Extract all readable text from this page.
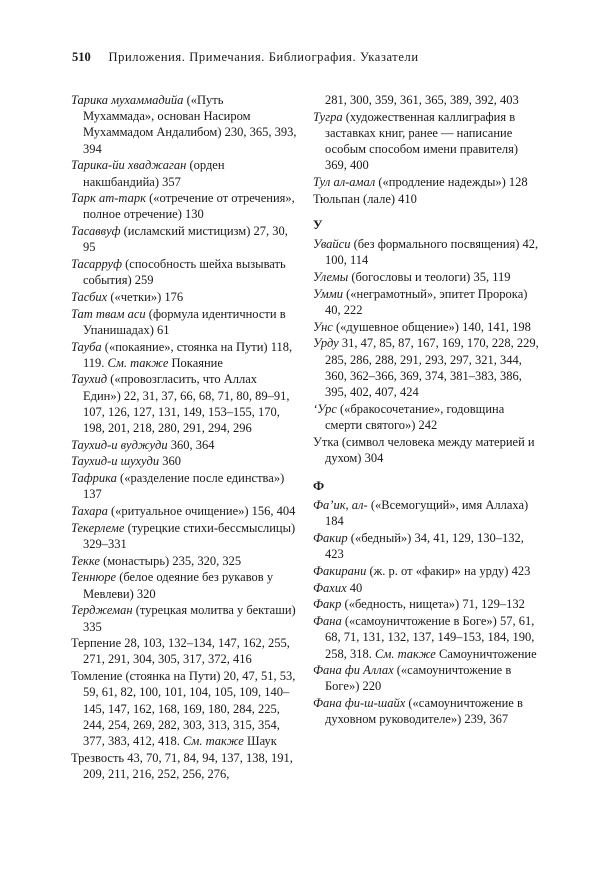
510 Приложения. Примечания. Библиография. Указатели

Тарика мухаммадийа («Путь Мухаммада», основан Насиром Мухаммадом Андалибом) 230, 365, 393, 394

Тарика-йи хваджаган (орден накшбандийа) 357

Тарк ат-тарк («отречение от отречения», полное отречение) 130

Тасаввуф (исламский мистицизм) 27, 30, 95

Тасарруф (способность шейха вызывать события) 259

Тасбих («четки») 176

Тат твам аси (формула идентичности в Упанишадах) 61

Тауба («покаяние», стоянка на Пути) 118, 119. См. также Покаяние

Таухид («провозгласить, что Аллах Един») 22, 31, 37, 66, 68, 71, 80, 89–91, 107, 126, 127, 131, 149, 153–155, 170, 198, 201, 218, 280, 291, 294, 296

Таухид-и вуджуди 360, 364

Таухид-и шухуди 360

Тафрика («разделение после единства») 137

Тахара («ритуальное очищение») 156, 404

Текерлеме (турецкие стихи-бессмыслицы) 329–331

Текке (монастырь) 235, 320, 325

Теннюре (белое одеяние без рукавов у Мевлеви) 320

Терджеман (турецкая молитва у бекташи) 335

Терпение 28, 103, 132–134, 147, 162, 255, 271, 291, 304, 305, 317, 372, 416

Томление (стоянка на Пути) 20, 47, 51, 53, 59, 61, 82, 100, 101, 104, 105, 109, 140–145, 147, 162, 168, 169, 180, 284, 225, 244, 254, 269, 282, 303, 313, 315, 354, 377, 383, 412, 418. См. также Шаук

Трезвость 43, 70, 71, 84, 94, 137, 138, 191, 209, 211, 216, 252, 256, 276,

281, 300, 359, 361, 365, 389, 392, 403

Тугра (художественная каллиграфия в заставках книг, ранее — написание особым способом имени правителя) 369, 400

Тул ал-амал («продление надежды») 128

Тюльпан (лале) 410

У

Увайси (без формального посвящения) 42, 100, 114

Улемы (богословы и теологи) 35, 119

Умми («неграмотный», эпитет Пророка) 40, 222

Унс («душевное общение») 140, 141, 198

Урду 31, 47, 85, 87, 167, 169, 170, 228, 229, 285, 286, 288, 291, 293, 297, 321, 344, 360, 362–366, 369, 374, 381–383, 386, 395, 402, 407, 424

ʻУрс («бракосочетание», годовщина смерти святого») 242

Утка (символ человека между материей и духом) 304

Ф

Фа’ик, ал- («Всемогущий», имя Аллаха) 184

Факир («бедный») 34, 41, 129, 130–132, 423

Факирани (ж. р. от «факир» на урду) 423

Фахих 40

Факр («бедность, нищета») 71, 129–132

Фана («самоуничтожение в Боге») 57, 61, 68, 71, 131, 132, 137, 149–153, 184, 190, 258, 318. См. также Самоуничтожение

Фана фи Аллах («самоуничтожение в Боге») 220

Фана фи-ш-шайх («самоуничтожение в духовном руководителе») 239, 367
